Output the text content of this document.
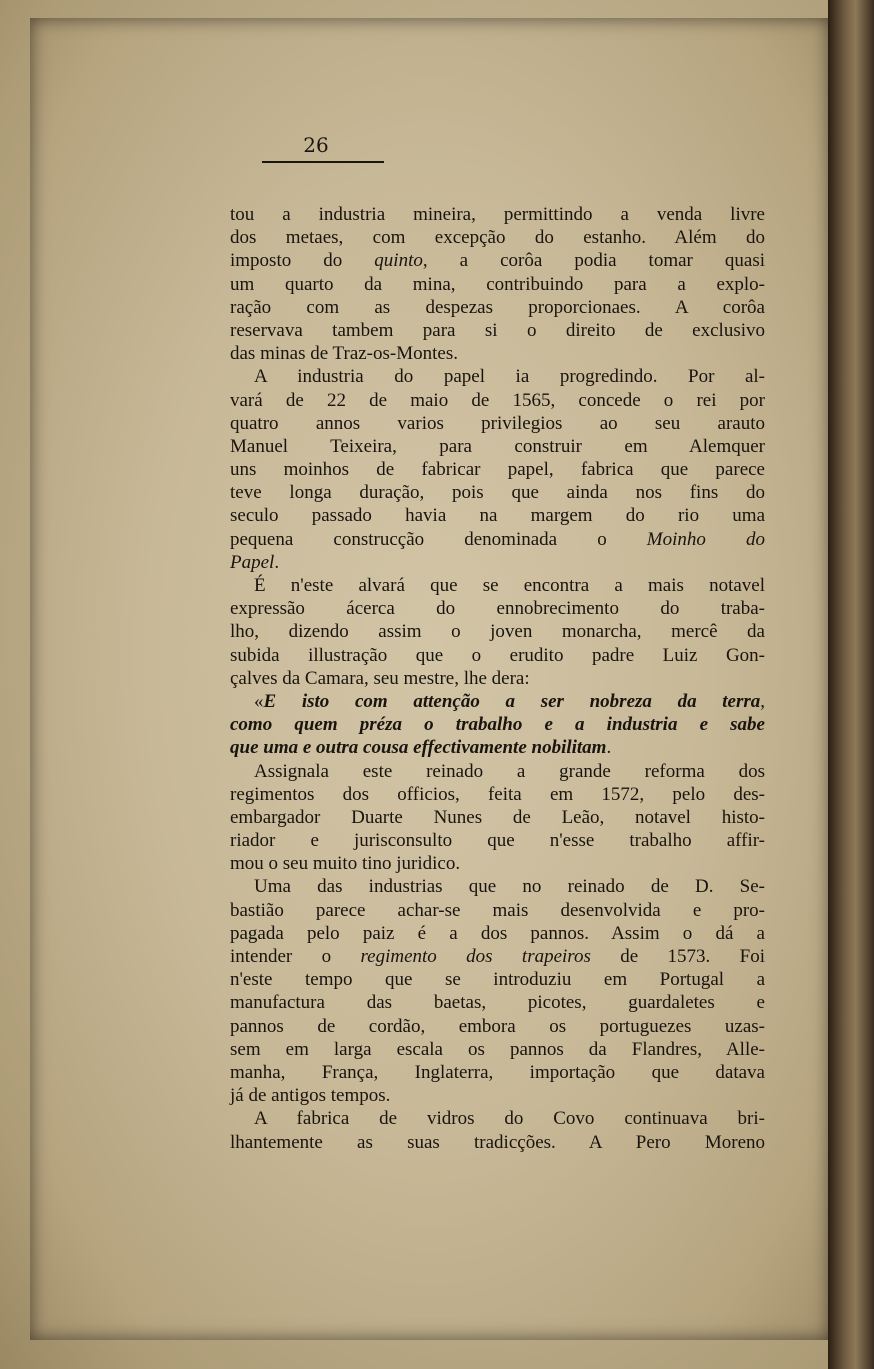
26
tou a industria mineira, permittindo a venda livre
dos metaes, com excepção do estanho. Além do
imposto do quinto, a corôa podia tomar quasi
um quarto da mina, contribuindo para a explo-
ração com as despezas proporcionaes. A corôa
reservava tambem para si o direito de exclusivo
das minas de Traz-os-Montes.
A industria do papel ia progredindo. Por al-
vará de 22 de maio de 1565, concede o rei por
quatro annos varios privilegios ao seu arauto
Manuel Teixeira, para construir em Alemquer
uns moinhos de fabricar papel, fabrica que parece
teve longa duração, pois que ainda nos fins do
seculo passado havia na margem do rio uma
pequena construcção denominada o Moinho do
Papel.
É n'este alvará que se encontra a mais notavel
expressão ácerca do ennobrecimento do traba-
lho, dizendo assim o joven monarcha, mercê da
subida illustração que o erudito padre Luiz Gon-
çalves da Camara, seu mestre, lhe dera:
«E isto com attenção a ser nobreza da terra,
como quem préza o trabalho e a industria e sabe
que uma e outra cousa effectivamente nobilitam.
Assignala este reinado a grande reforma dos
regimentos dos officios, feita em 1572, pelo des-
embargador Duarte Nunes de Leão, notavel histo-
riador e jurisconsulto que n'esse trabalho affir-
mou o seu muito tino juridico.
Uma das industrias que no reinado de D. Se-
bastião parece achar-se mais desenvolvida e pro-
pagada pelo paiz é a dos pannos. Assim o dá a
intender o regimento dos trapeiros de 1573. Foi
n'este tempo que se introduziu em Portugal a
manufactura das baetas, picotes, guardaletes e
pannos de cordão, embora os portuguezes uzas-
sem em larga escala os pannos da Flandres, Alle-
manha, França, Inglaterra, importação que datava
já de antigos tempos.
A fabrica de vidros do Covo continuava bri-
lhantemente as suas tradicções. A Pero Moreno
